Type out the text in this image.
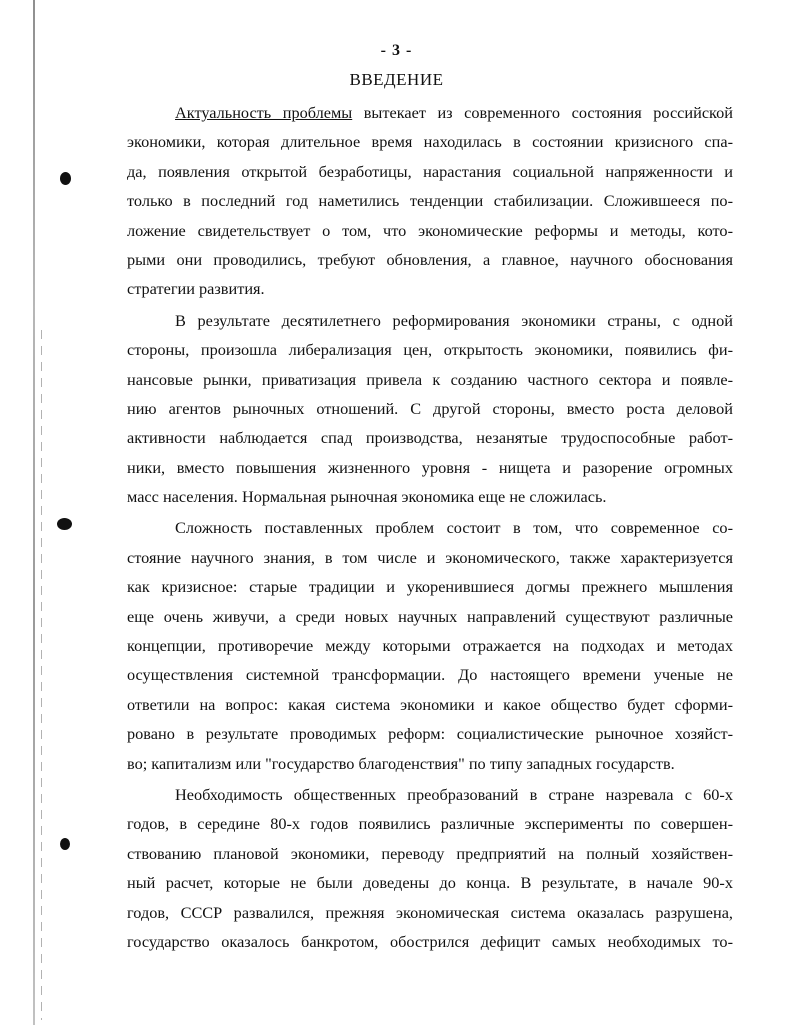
- 3 -
ВВЕДЕНИЕ
Актуальность проблемы вытекает из современного состояния российской
экономики, которая длительное время находилась в состоянии кризисного спа-
да, появления открытой безработицы, нарастания социальной напряженности и
только в последний год наметились тенденции стабилизации. Сложившееся по-
ложение свидетельствует о том, что экономические реформы и методы, кото-
рыми они проводились, требуют обновления, а главное, научного обоснования
стратегии развития.
В результате десятилетнего реформирования экономики страны, с одной
стороны, произошла либерализация цен, открытость экономики, появились фи-
нансовые рынки, приватизация привела к созданию частного сектора и появле-
нию агентов рыночных отношений. С другой стороны, вместо роста деловой
активности наблюдается спад производства, незанятые трудоспособные работ-
ники, вместо повышения жизненного уровня - нищета и разорение огромных
масс населения. Нормальная рыночная экономика еще не сложилась.
Сложность поставленных проблем состоит в том, что современное со-
стояние научного знания, в том числе и экономического, также характеризуется
как кризисное: старые традиции и укоренившиеся догмы прежнего мышления
еще очень живучи, а среди новых научных направлений существуют различные
концепции, противоречие между которыми отражается на подходах и методах
осуществления системной трансформации. До настоящего времени ученые не
ответили на вопрос: какая система экономики и какое общество будет сформи-
ровано в результате проводимых реформ: социалистические рыночное хозяйст-
во; капитализм или "государство благоденствия" по типу западных государств.
Необходимость общественных преобразований в стране назревала с 60-х
годов, в середине 80-х годов появились различные эксперименты по совершен-
ствованию плановой экономики, переводу предприятий на полный хозяйствен-
ный расчет, которые не были доведены до конца. В результате, в начале 90-х
годов, СССР развалился, прежняя экономическая система оказалась разрушена,
государство оказалось банкротом, обострился дефицит самых необходимых то-
